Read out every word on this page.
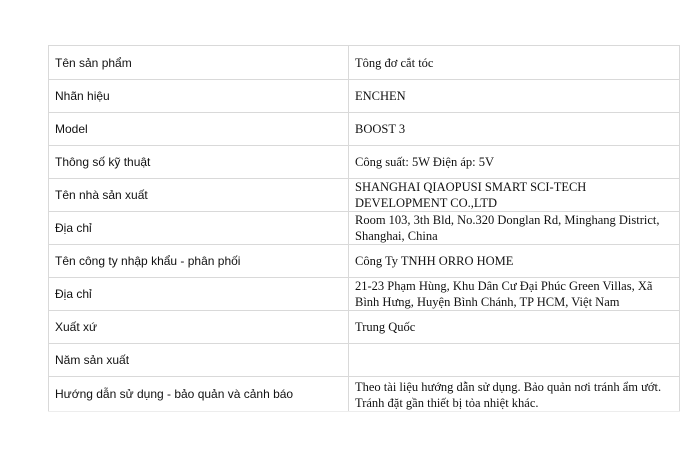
Tên sản phẩm	Tông đơ cắt tóc
Nhãn hiệu	ENCHEN
Model	BOOST 3
Thông số kỹ thuật	Công suất: 5W Điện áp: 5V
Tên nhà sản xuất	SHANGHAI QIAOPUSI SMART SCI-TECH DEVELOPMENT CO.,LTD
Địa chỉ	Room 103, 3th Bld, No.320 Donglan Rd, Minghang District, Shanghai, China
Tên công ty nhập khẩu - phân phối	Công Ty TNHH ORRO HOME
Địa chỉ	21-23 Phạm Hùng, Khu Dân Cư Đại Phúc Green Villas, Xã Bình Hưng, Huyện Bình Chánh, TP HCM, Việt Nam
Xuất xứ	Trung Quốc
Năm sản xuất	
Hướng dẫn sử dụng - bảo quản và cảnh báo	Theo tài liệu hướng dẫn sử dụng. Bảo quản nơi tránh ẩm ướt. Tránh đặt gần thiết bị tỏa nhiệt khác.
